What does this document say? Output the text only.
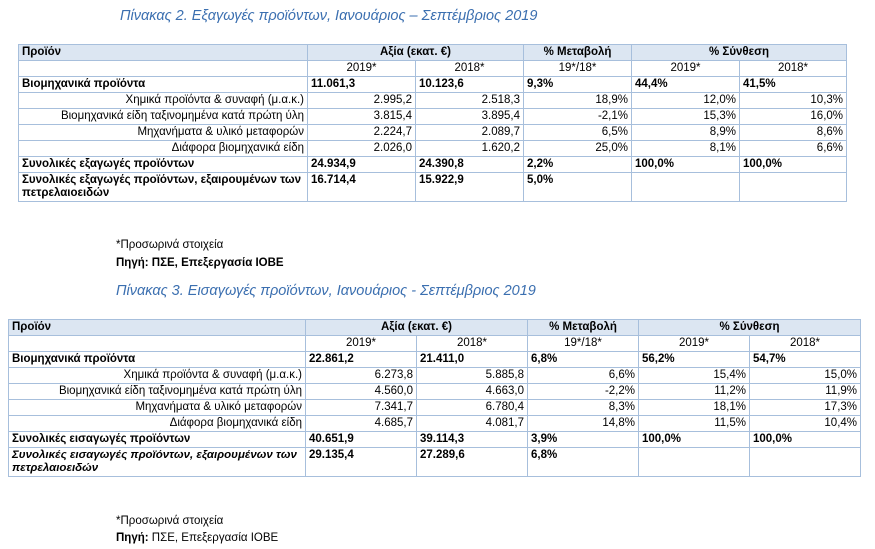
Πίνακας 2. Εξαγωγές προϊόντων, Ιανουάριος – Σεπτέμβριος 2019
Προϊόν	Αξία (εκατ. €)		% Μεταβολή	% Σύνθεση	
	2019*	2018*	19*/18*	2019*	2018*
Βιομηχανικά προϊόντα	11.061,3	10.123,6	9,3%	44,4%	41,5%
Χημικά προϊόντα & συναφή (μ.α.κ.)	2.995,2	2.518,3	18,9%	12,0%	10,3%
Βιομηχανικά είδη ταξινομημένα κατά πρώτη ύλη	3.815,4	3.895,4	-2,1%	15,3%	16,0%
Μηχανήματα & υλικό μεταφορών	2.224,7	2.089,7	6,5%	8,9%	8,6%
Διάφορα βιομηχανικά είδη	2.026,0	1.620,2	25,0%	8,1%	6,6%
Συνολικές εξαγωγές προϊόντων	24.934,9	24.390,8	2,2%	100,0%	100,0%
Συνολικές εξαγωγές προϊόντων, εξαιρουμένων των πετρελαιοειδών	16.714,4	15.922,9	5,0%		
*Προσωρινά στοιχεία
Πηγή: ΠΣΕ, Επεξεργασία ΙΟΒΕ
Πίνακας 3. Εισαγωγές προϊόντων, Ιανουάριος - Σεπτέμβριος 2019
Προϊόν	Αξία (εκατ. €)		% Μεταβολή	% Σύνθεση	
	2019*	2018*	19*/18*	2019*	2018*
Βιομηχανικά προϊόντα	22.861,2	21.411,0	6,8%	56,2%	54,7%
Χημικά προϊόντα & συναφή (μ.α.κ.)	6.273,8	5.885,8	6,6%	15,4%	15,0%
Βιομηχανικά είδη ταξινομημένα κατά πρώτη ύλη	4.560,0	4.663,0	-2,2%	11,2%	11,9%
Μηχανήματα & υλικό μεταφορών	7.341,7	6.780,4	8,3%	18,1%	17,3%
Διάφορα βιομηχανικά είδη	4.685,7	4.081,7	14,8%	11,5%	10,4%
Συνολικές εισαγωγές προϊόντων	40.651,9	39.114,3	3,9%	100,0%	100,0%
Συνολικές εισαγωγές προϊόντων, εξαιρουμένων των πετρελαιοειδών	29.135,4	27.289,6	6,8%		
*Προσωρινά στοιχεία
Πηγή: ΠΣΕ, Επεξεργασία ΙΟΒΕ
